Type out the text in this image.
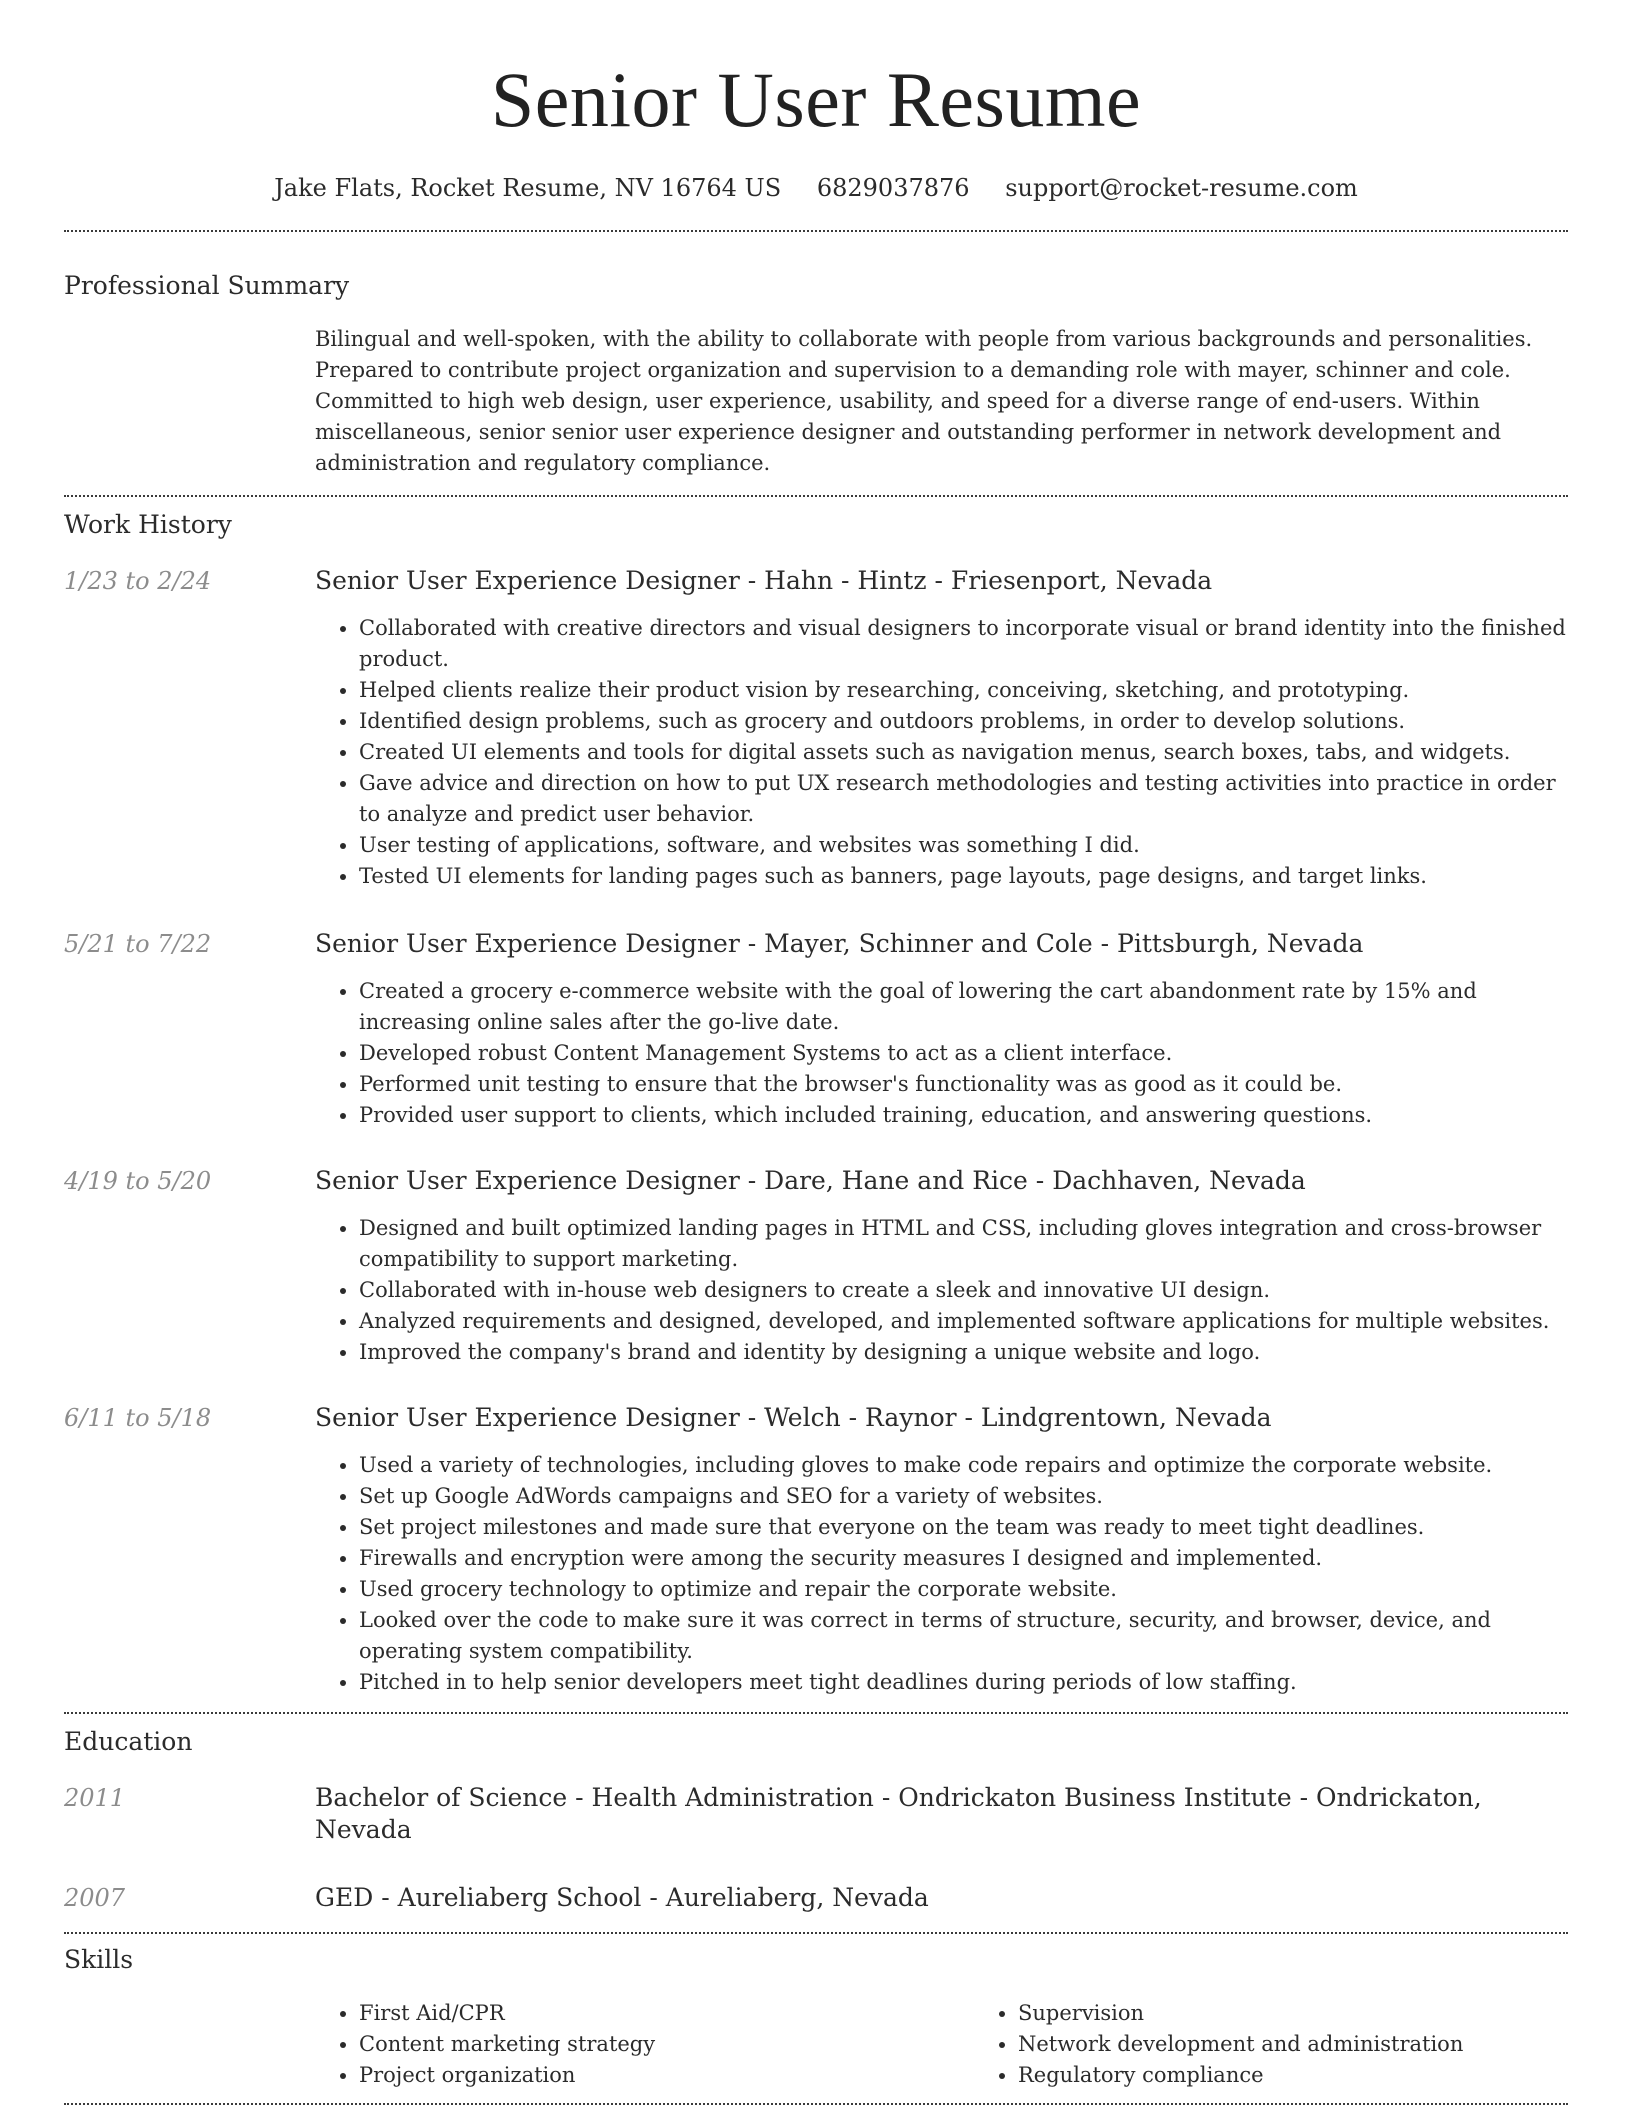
Senior User Resume
Jake Flats, Rocket Resume, NV 16764 US 6829037876 support@rocket-resume.com
Professional Summary
Bilingual and well-spoken, with the ability to collaborate with people from various backgrounds and personalities. Prepared to contribute project organization and supervision to a demanding role with mayer, schinner and cole. Committed to high web design, user experience, usability, and speed for a diverse range of end-users. Within miscellaneous, senior senior user experience designer and outstanding performer in network development and administration and regulatory compliance.
Work History
1/23 to 2/24	Senior User Experience Designer - Hahn - Hintz - Friesenport, Nevada
• Collaborated with creative directors and visual designers to incorporate visual or brand identity into the finished product.
• Helped clients realize their product vision by researching, conceiving, sketching, and prototyping.
• Identified design problems, such as grocery and outdoors problems, in order to develop solutions.
• Created UI elements and tools for digital assets such as navigation menus, search boxes, tabs, and widgets.
• Gave advice and direction on how to put UX research methodologies and testing activities into practice in order to analyze and predict user behavior.
• User testing of applications, software, and websites was something I did.
• Tested UI elements for landing pages such as banners, page layouts, page designs, and target links.
5/21 to 7/22	Senior User Experience Designer - Mayer, Schinner and Cole - Pittsburgh, Nevada
• Created a grocery e-commerce website with the goal of lowering the cart abandonment rate by 15% and increasing online sales after the go-live date.
• Developed robust Content Management Systems to act as a client interface.
• Performed unit testing to ensure that the browser's functionality was as good as it could be.
• Provided user support to clients, which included training, education, and answering questions.
4/19 to 5/20	Senior User Experience Designer - Dare, Hane and Rice - Dachhaven, Nevada
• Designed and built optimized landing pages in HTML and CSS, including gloves integration and cross-browser compatibility to support marketing.
• Collaborated with in-house web designers to create a sleek and innovative UI design.
• Analyzed requirements and designed, developed, and implemented software applications for multiple websites.
• Improved the company's brand and identity by designing a unique website and logo.
6/11 to 5/18	Senior User Experience Designer - Welch - Raynor - Lindgrentown, Nevada
• Used a variety of technologies, including gloves to make code repairs and optimize the corporate website.
• Set up Google AdWords campaigns and SEO for a variety of websites.
• Set project milestones and made sure that everyone on the team was ready to meet tight deadlines.
• Firewalls and encryption were among the security measures I designed and implemented.
• Used grocery technology to optimize and repair the corporate website.
• Looked over the code to make sure it was correct in terms of structure, security, and browser, device, and operating system compatibility.
• Pitched in to help senior developers meet tight deadlines during periods of low staffing.
Education
2011	Bachelor of Science - Health Administration - Ondrickaton Business Institute - Ondrickaton, Nevada
2007	GED - Aureliaberg School - Aureliaberg, Nevada
Skills
• First Aid/CPR
• Content marketing strategy
• Project organization
• Supervision
• Network development and administration
• Regulatory compliance
